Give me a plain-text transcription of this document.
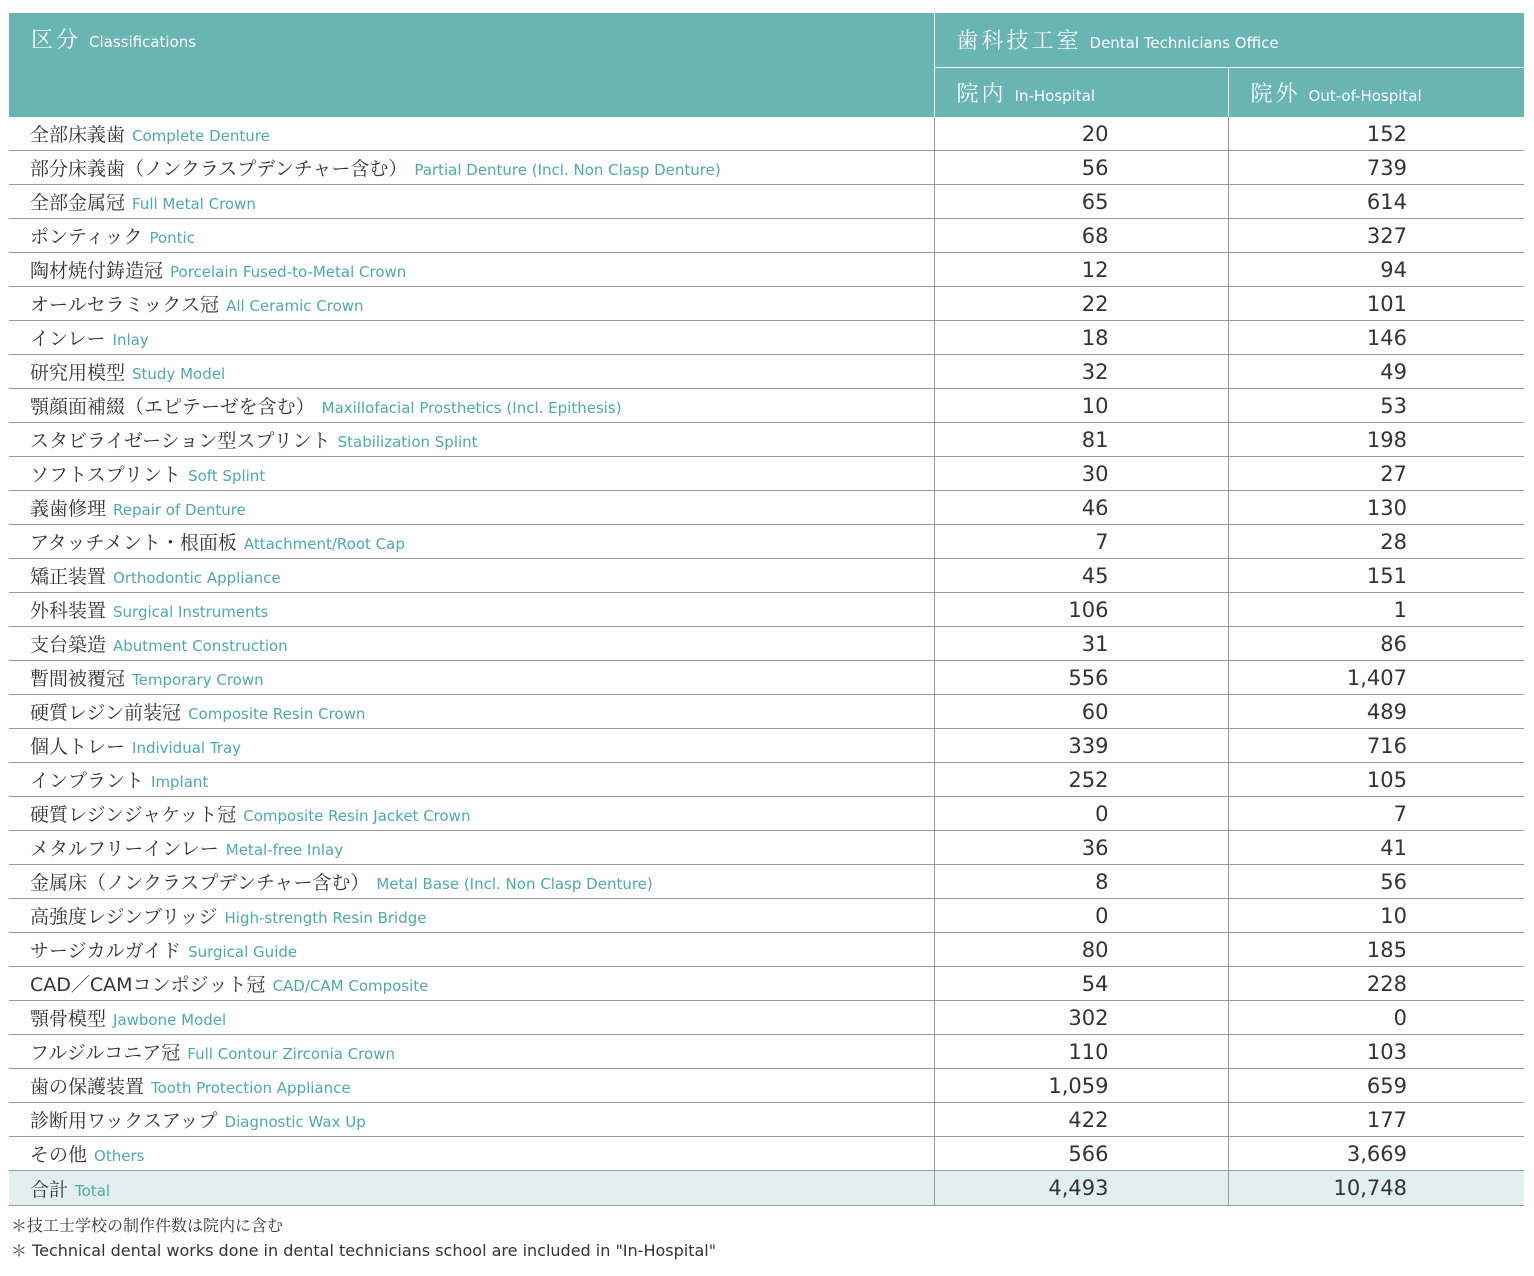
区分 Classifications	歯科技工室 Dental Technicians Office	
	院内 In-Hospital	院外 Out-of-Hospital
全部床義歯 Complete Denture	20	152
部分床義歯（ノンクラスプデンチャー含む） Partial Denture (Incl. Non Clasp Denture)	56	739
全部金属冠 Full Metal Crown	65	614
ポンティック Pontic	68	327
陶材焼付鋳造冠 Porcelain Fused-to-Metal Crown	12	94
オールセラミックス冠 All Ceramic Crown	22	101
インレー Inlay	18	146
研究用模型 Study Model	32	49
顎顔面補綴（エピテーゼを含む） Maxillofacial Prosthetics (Incl. Epithesis)	10	53
スタビライゼーション型スプリント Stabilization Splint	81	198
ソフトスプリント Soft Splint	30	27
義歯修理 Repair of Denture	46	130
アタッチメント・根面板 Attachment/Root Cap	7	28
矯正装置 Orthodontic Appliance	45	151
外科装置 Surgical Instruments	106	1
支台築造 Abutment Construction	31	86
暫間被覆冠 Temporary Crown	556	1,407
硬質レジン前装冠 Composite Resin Crown	60	489
個人トレー Individual Tray	339	716
インプラント Implant	252	105
硬質レジンジャケット冠 Composite Resin Jacket Crown	0	7
メタルフリーインレー Metal-free Inlay	36	41
金属床（ノンクラスプデンチャー含む） Metal Base (Incl. Non Clasp Denture)	8	56
高強度レジンブリッジ High-strength Resin Bridge	0	10
サージカルガイド Surgical Guide	80	185
CAD／CAMコンポジット冠 CAD/CAM Composite	54	228
顎骨模型 Jawbone Model	302	0
フルジルコニア冠 Full Contour Zirconia Crown	110	103
歯の保護装置 Tooth Protection Appliance	1,059	659
診断用ワックスアップ Diagnostic Wax Up	422	177
その他 Others	566	3,669
合計 Total	4,493	10,748
＊技工士学校の制作件数は院内に含む
＊ Technical dental works done in dental technicians school are included in "In-Hospital"
